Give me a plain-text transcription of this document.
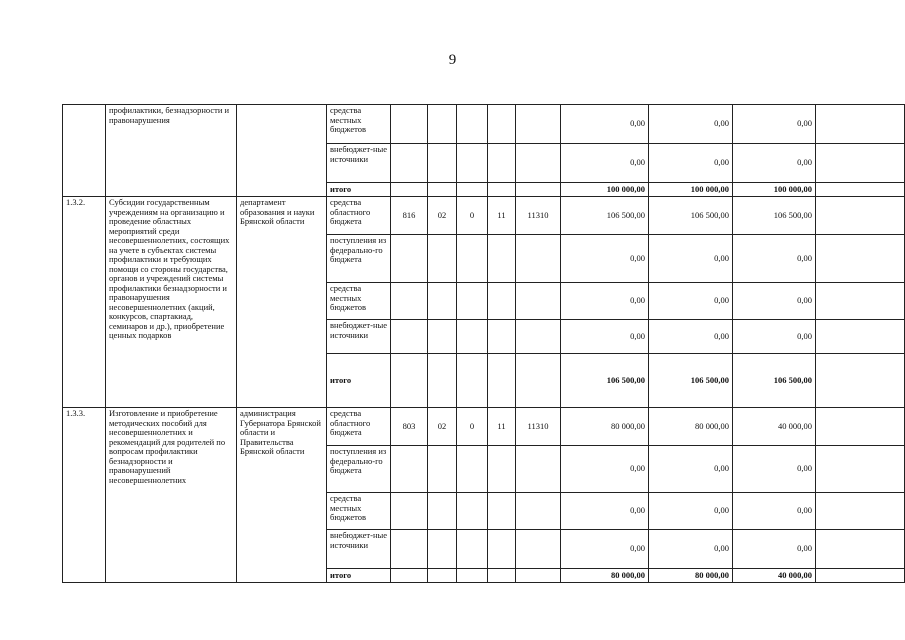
9
	профилактики, безнадзорности и правонарушения		средства местных бюджетов						0,00	0,00	0,00	
			внебюджет-ные источники						0,00	0,00	0,00	
			итого						100 000,00	100 000,00	100 000,00	
1.3.2.	Субсидии государственным учреждениям на организацию и проведение областных мероприятий среди несовершеннолетних, состоящих на учете в субъектах системы профилактики и требующих помощи со стороны государства, органов и учреждений системы профилактики безнадзорности и правонарушения несовершеннолетних (акций, конкурсов, спартакиад, семинаров и др.), приобретение ценных подарков	департамент образования и науки Брянской области	средства областного бюджета	816	02	0	11	11310	106 500,00	106 500,00	106 500,00	
			поступления из федерально-го бюджета						0,00	0,00	0,00	
			средства местных бюджетов						0,00	0,00	0,00	
			внебюджет-ные источники						0,00	0,00	0,00	
			итого						106 500,00	106 500,00	106 500,00	
1.3.3.	Изготовление и приобретение методических пособий для несовершеннолетних и рекомендаций для родителей по вопросам профилактики безнадзорности и правонарушений несовершеннолетних	администрация Губернатора Брянской области и Правительства Брянской области	средства областного бюджета	803	02	0	11	11310	80 000,00	80 000,00	40 000,00	
			поступления из федерально-го бюджета						0,00	0,00	0,00	
			средства местных бюджетов						0,00	0,00	0,00	
			внебюджет-ные источники						0,00	0,00	0,00	
			итого						80 000,00	80 000,00	40 000,00	
